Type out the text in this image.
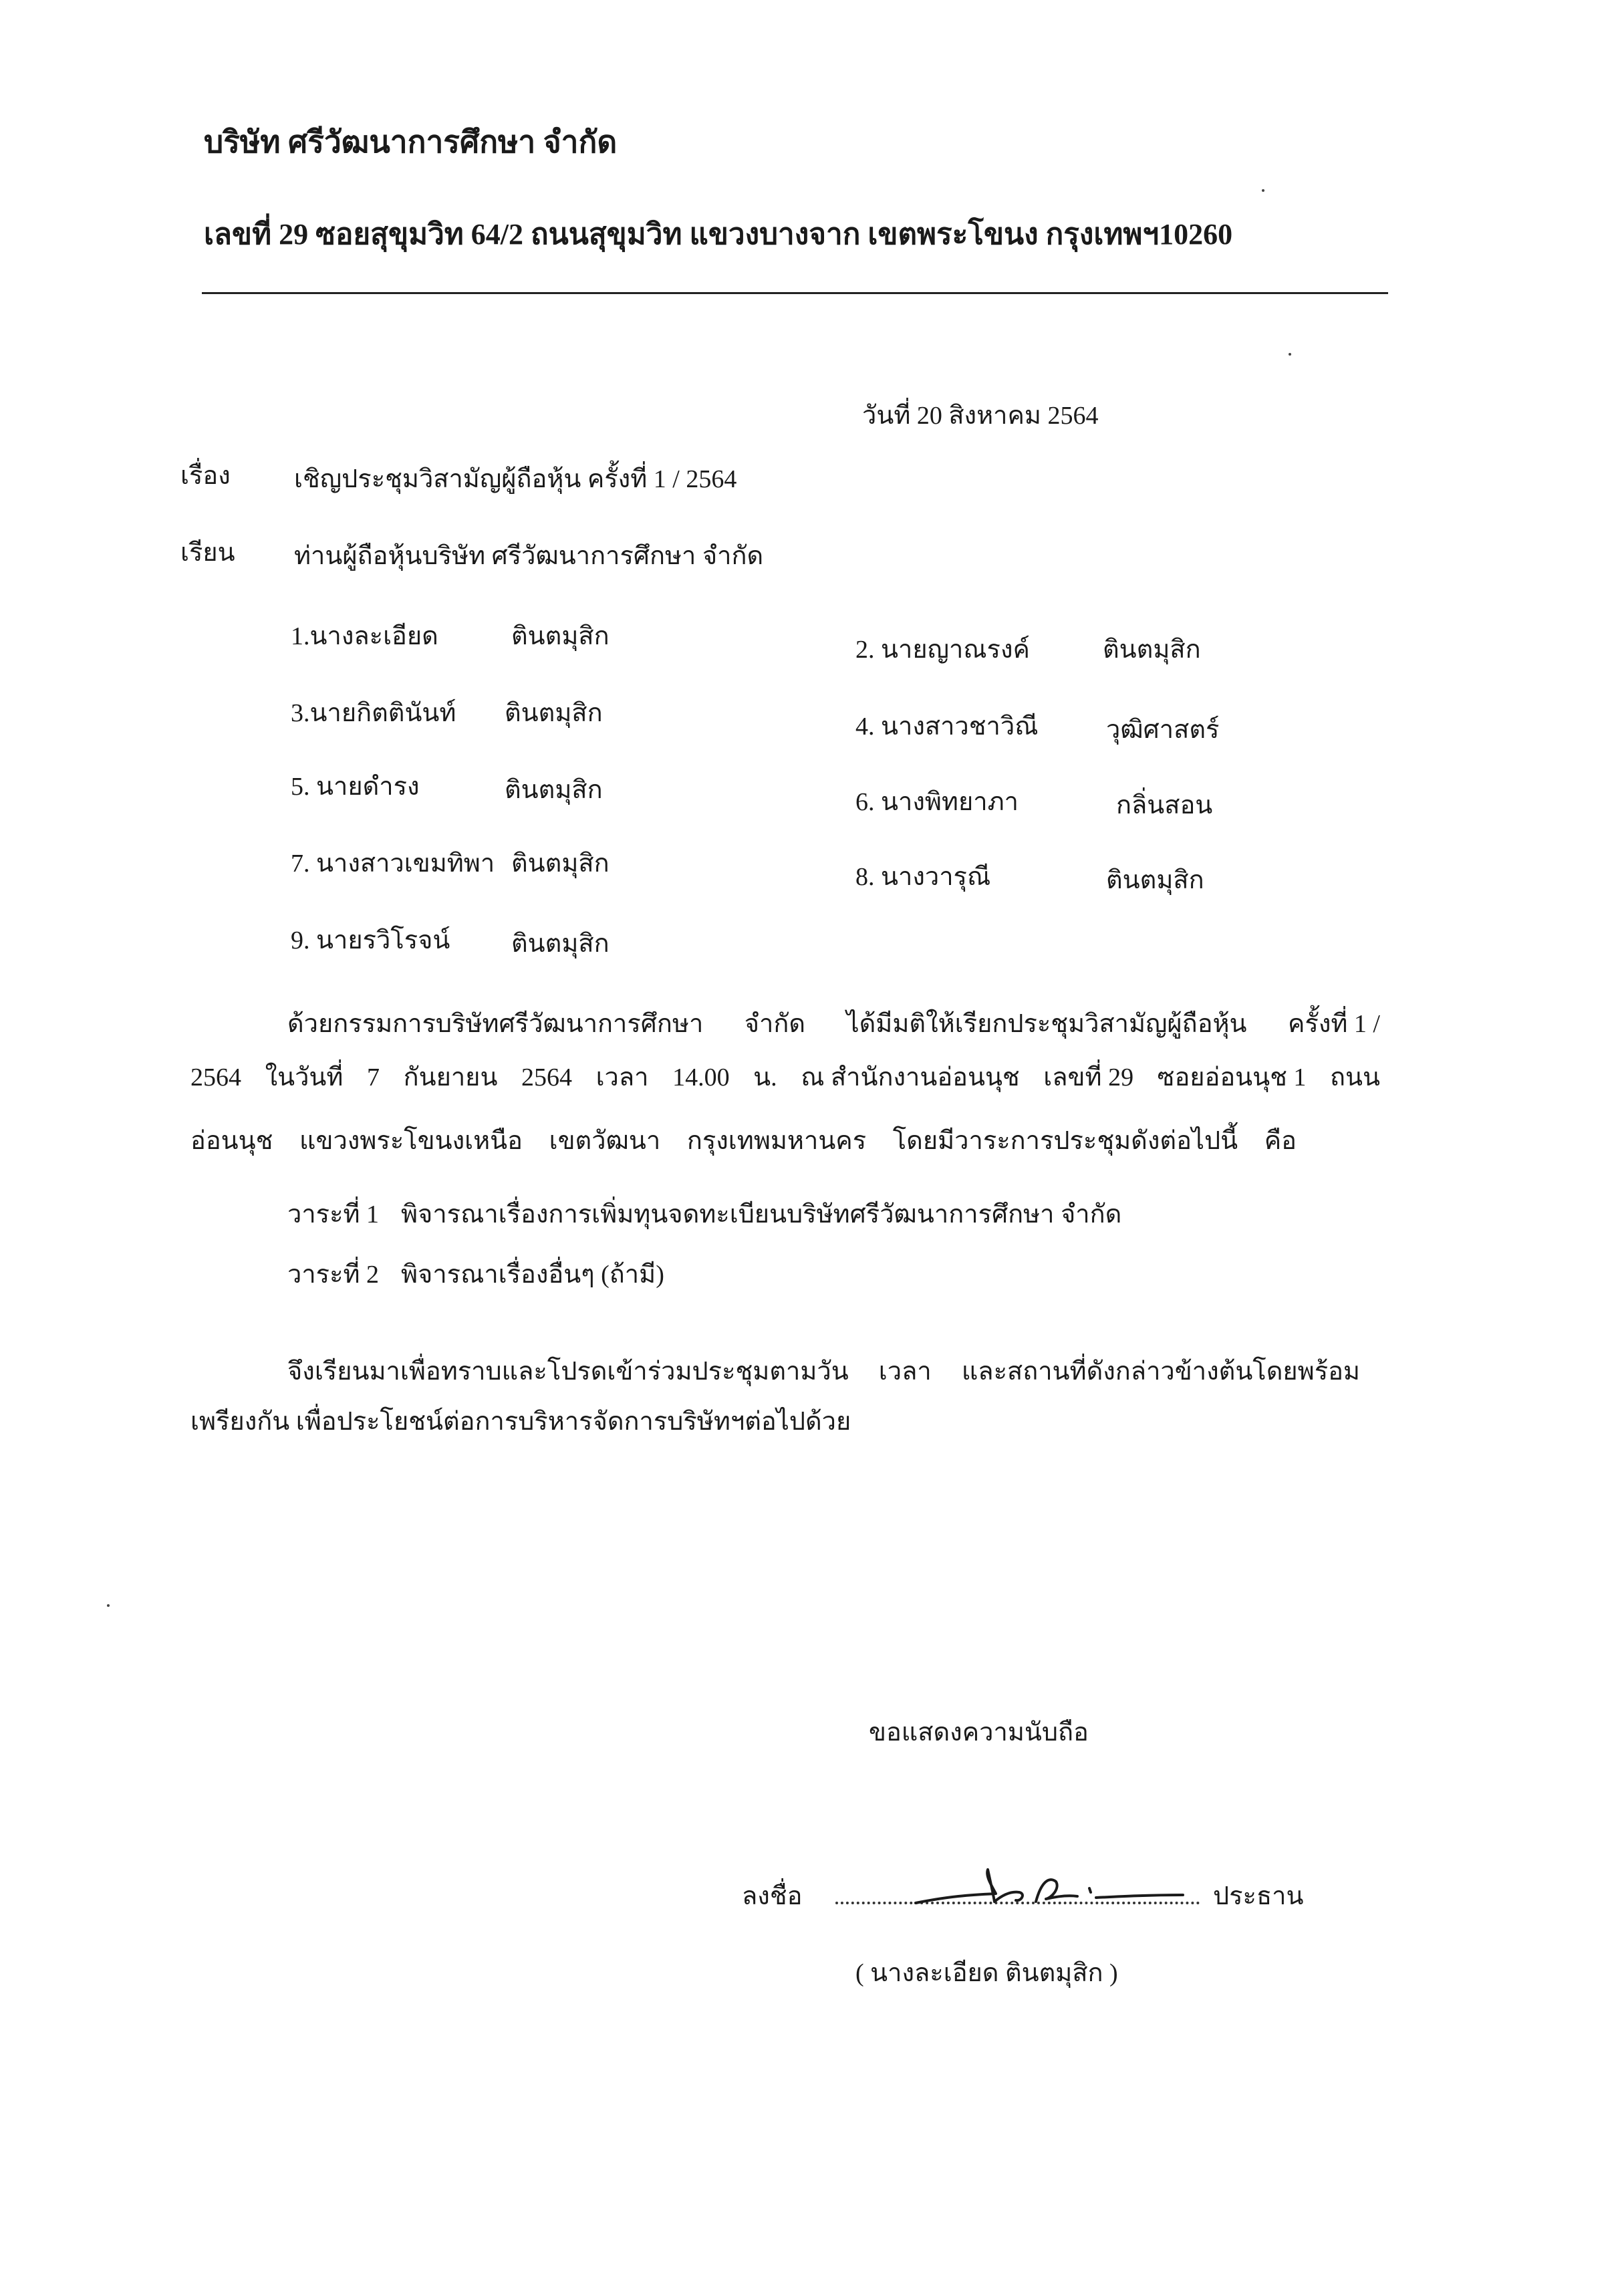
บริษัท ศรีวัฒนาการศึกษา จำกัด
เลขที่ 29 ซอยสุขุมวิท 64/2 ถนนสุขุมวิท แขวงบางจาก เขตพระโขนง กรุงเทพฯ10260
วันที่ 20 สิงหาคม 2564
เรื่อง	เชิญประชุมวิสามัญผู้ถือหุ้น ครั้งที่ 1 / 2564
เรียน ท่านผู้ถือหุ้นบริษัท ศรีวัฒนาการศึกษา จำกัด
1.นางละเอียด	ตินตมุสิก	2. นายญาณรงค์	ตินตมุสิก
3.นายกิตตินันท์ ตินตมุสิก	4. นางสาวชาวิณี	วุฒิศาสตร์
5. นายดำรง	ตินตมุสิก	6. นางพิทยาภา	กลิ่นสอน
7. นางสาวเขมทิพา ตินตมุสิก	8. นางวารุณี	ตินตมุสิก
9. นายรวิโรจน์ ตินตมุสิก
ด้วยกรรมการบริษัทศรีวัฒนาการศึกษา จำกัด ได้มีมติให้เรียกประชุมวิสามัญผู้ถือหุ้น ครั้งที่ 1 /
2564 ในวันที่ 7 กันยายน 2564 เวลา 14.00 น. ณ สำนักงานอ่อนนุช เลขที่ 29 ซอยอ่อนนุช 1 ถนน
อ่อนนุช แขวงพระโขนงเหนือ เขตวัฒนา กรุงเทพมหานคร โดยมีวาระการประชุมดังต่อไปนี้ คือ
วาระที่ 1 พิจารณาเรื่องการเพิ่มทุนจดทะเบียนบริษัทศรีวัฒนาการศึกษา จำกัด
วาระที่ 2 พิจารณาเรื่องอื่นๆ (ถ้ามี)
จึงเรียนมาเพื่อทราบและโปรดเข้าร่วมประชุมตามวัน เวลา และสถานที่ดังกล่าวข้างต้นโดยพร้อม
เพรียงกัน เพื่อประโยชน์ต่อการบริหารจัดการบริษัทฯต่อไปด้วย
ขอแสดงความนับถือ
ลงชื่อ	ประธาน
( นางละเอียด ตินตมุสิก )
